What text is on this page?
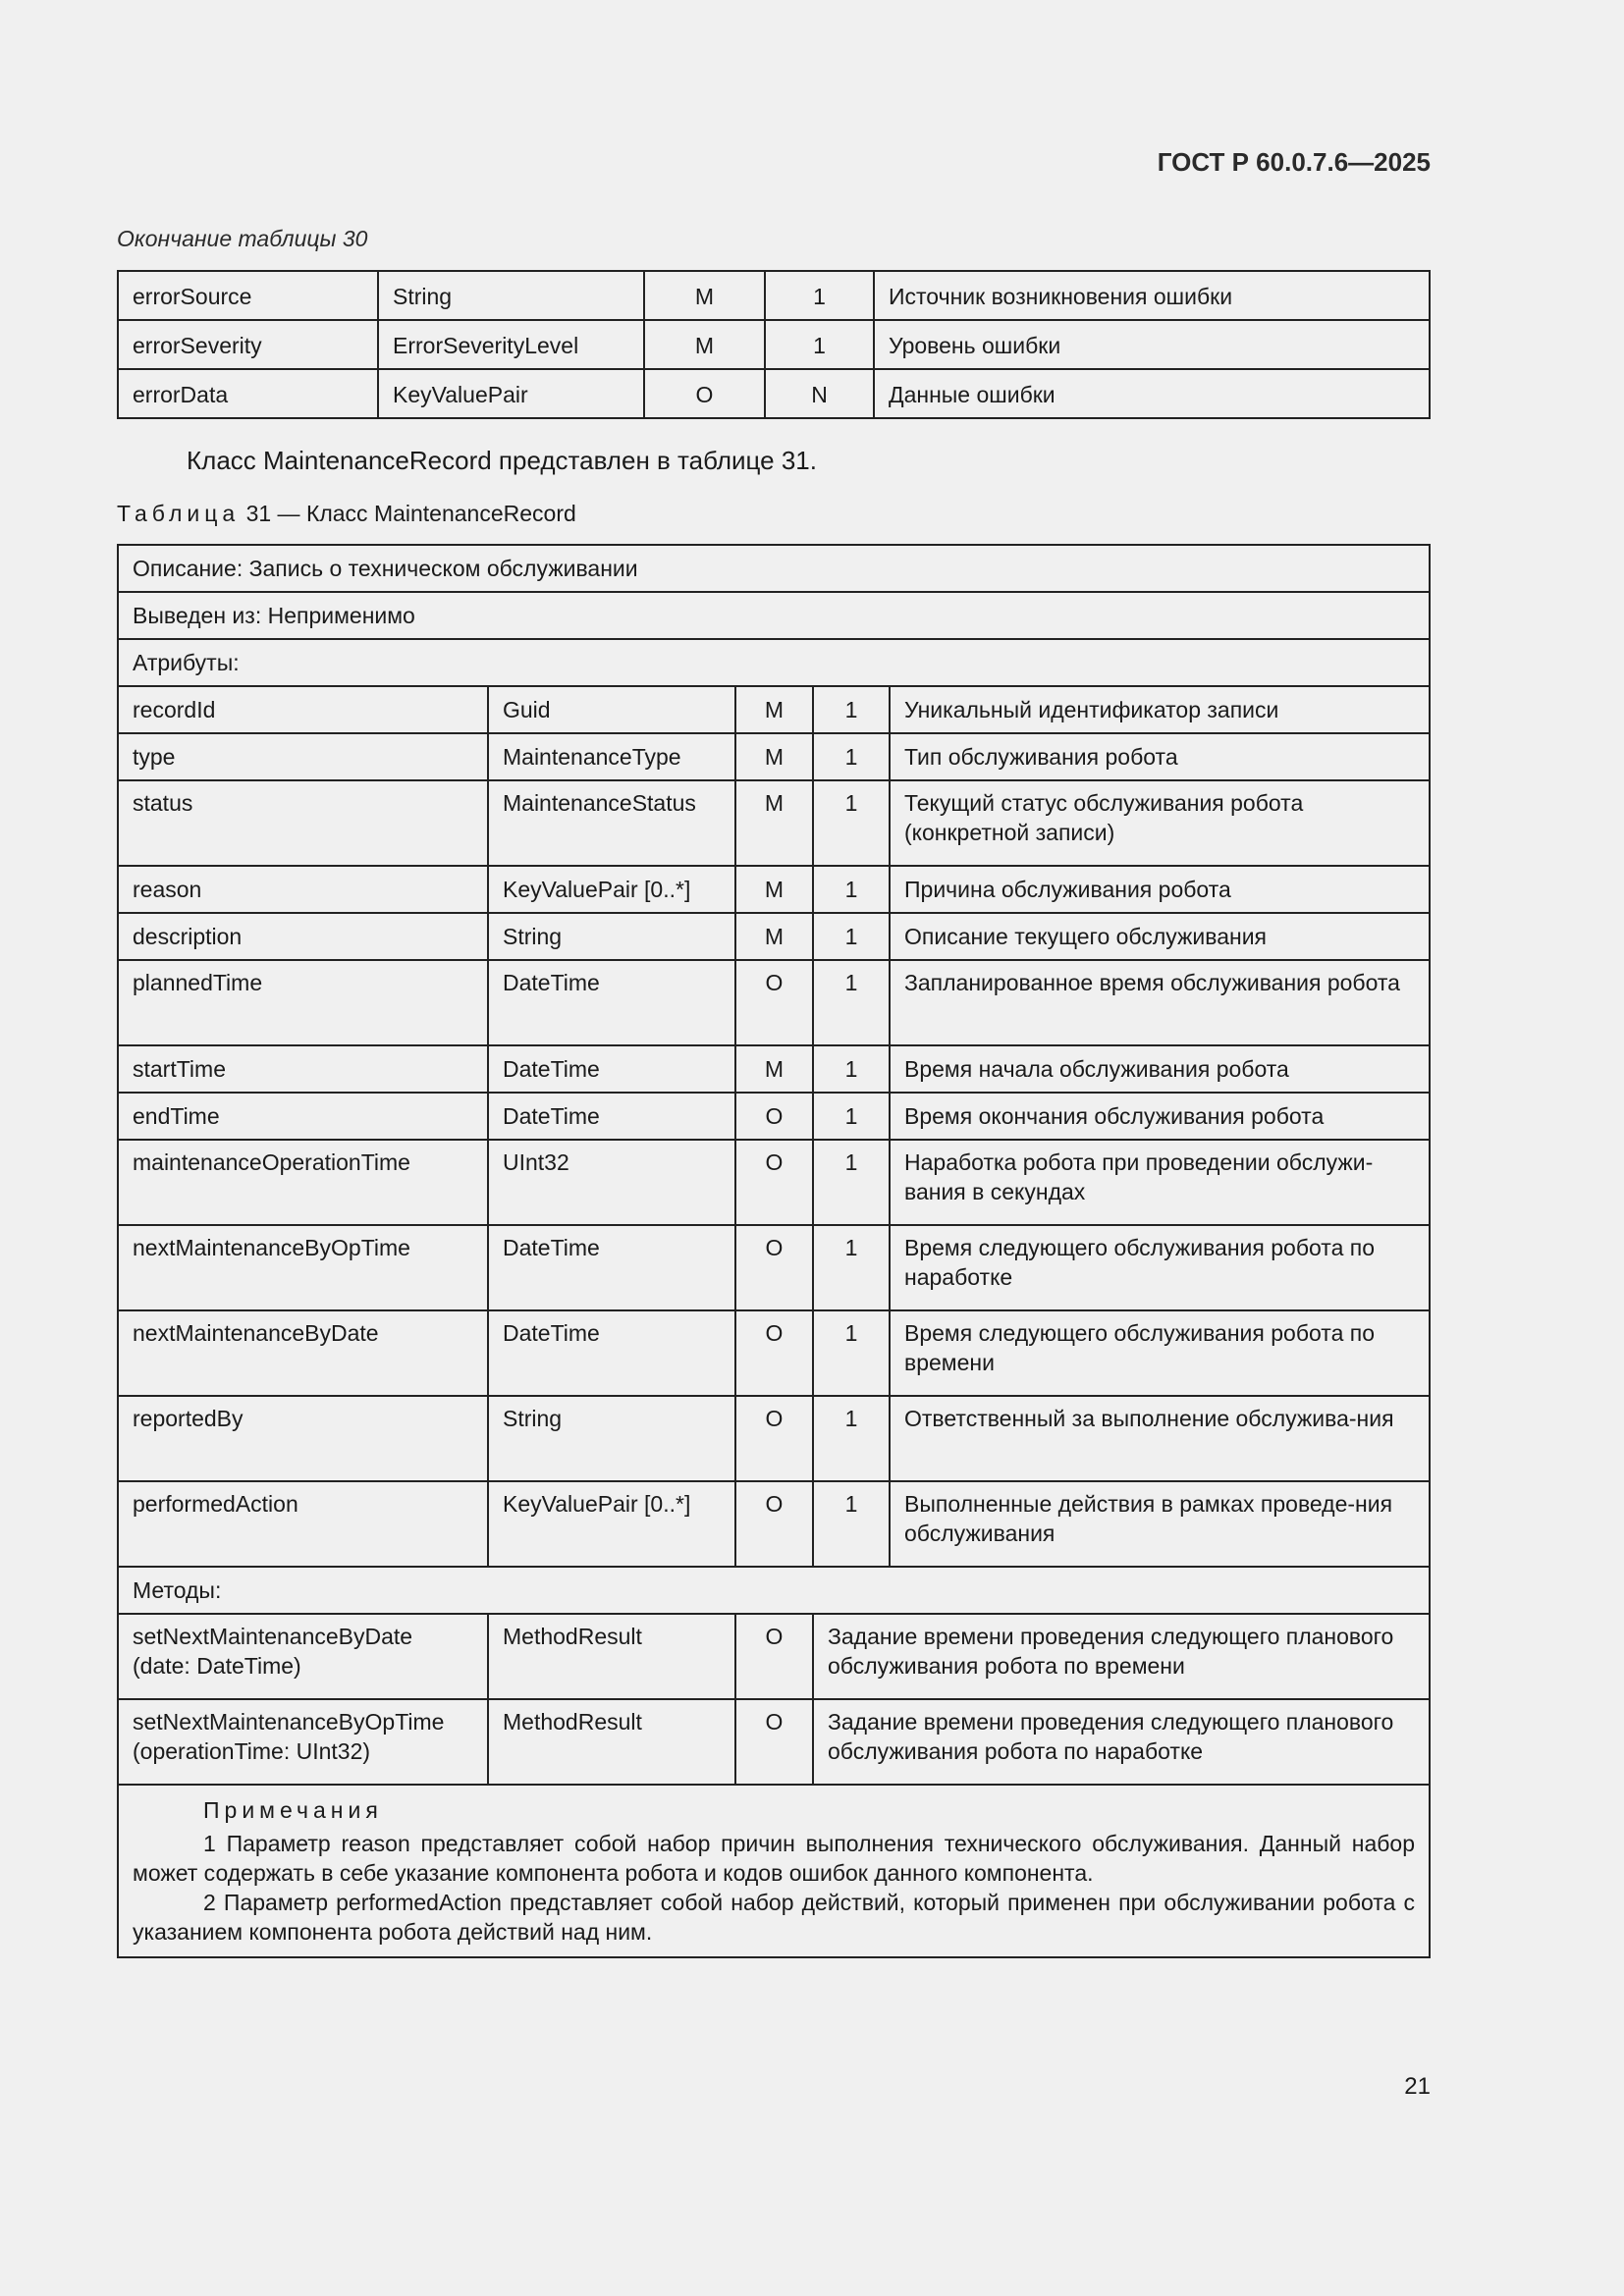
ГОСТ Р 60.0.7.6—2025
Окончание таблицы 30
errorSource	String	M	1	Источник возникновения ошибки
errorSeverity	ErrorSeverityLevel	M	1	Уровень ошибки
errorData	KeyValuePair	O	N	Данные ошибки
Класс MaintenanceRecord представлен в таблице 31.
Таблица 31 — Класс MaintenanceRecord
Описание: Запись о техническом обслуживании				
Выведен из: Неприменимо				
Атрибуты:				
recordId	Guid	M	1	Уникальный идентификатор записи
type	MaintenanceType	M	1	Тип обслуживания робота
status	MaintenanceStatus	M	1	Текущий статус обслуживания робота (конкретной записи)
reason	KeyValuePair [0..*]	M	1	Причина обслуживания робота
description	String	M	1	Описание текущего обслуживания
plannedTime	DateTime	O	1	Запланированное время обслуживания робота
startTime	DateTime	M	1	Время начала обслуживания робота
endTime	DateTime	O	1	Время окончания обслуживания робота
maintenanceOperationTime	UInt32	O	1	Наработка робота при проведении обслужи-вания в секундах
nextMaintenanceByOpTime	DateTime	O	1	Время следующего обслуживания робота по наработке
nextMaintenanceByDate	DateTime	O	1	Время следующего обслуживания робота по времени
reportedBy	String	O	1	Ответственный за выполнение обслужива-ния
performedAction	KeyValuePair [0..*]	O	1	Выполненные действия в рамках проведе-ния обслуживания
Методы:				
setNextMaintenanceByDate (date: DateTime)	MethodResult	O	Задание времени проведения следующего планового обслуживания робота по времени	
setNextMaintenanceByOpTime (operationTime: UInt32)	MethodResult	O	Задание времени проведения следующего планового обслуживания робота по наработке	

Примечания

1 Параметр reason представляет собой набор причин выполнения технического обслуживания. Данный набор может содержать в себе указание компонента робота и кодов ошибок данного компонента.

2 Параметр performedAction представляет собой набор действий, который применен при обслуживании робота с указанием компонента робота действий над ним.				

21
